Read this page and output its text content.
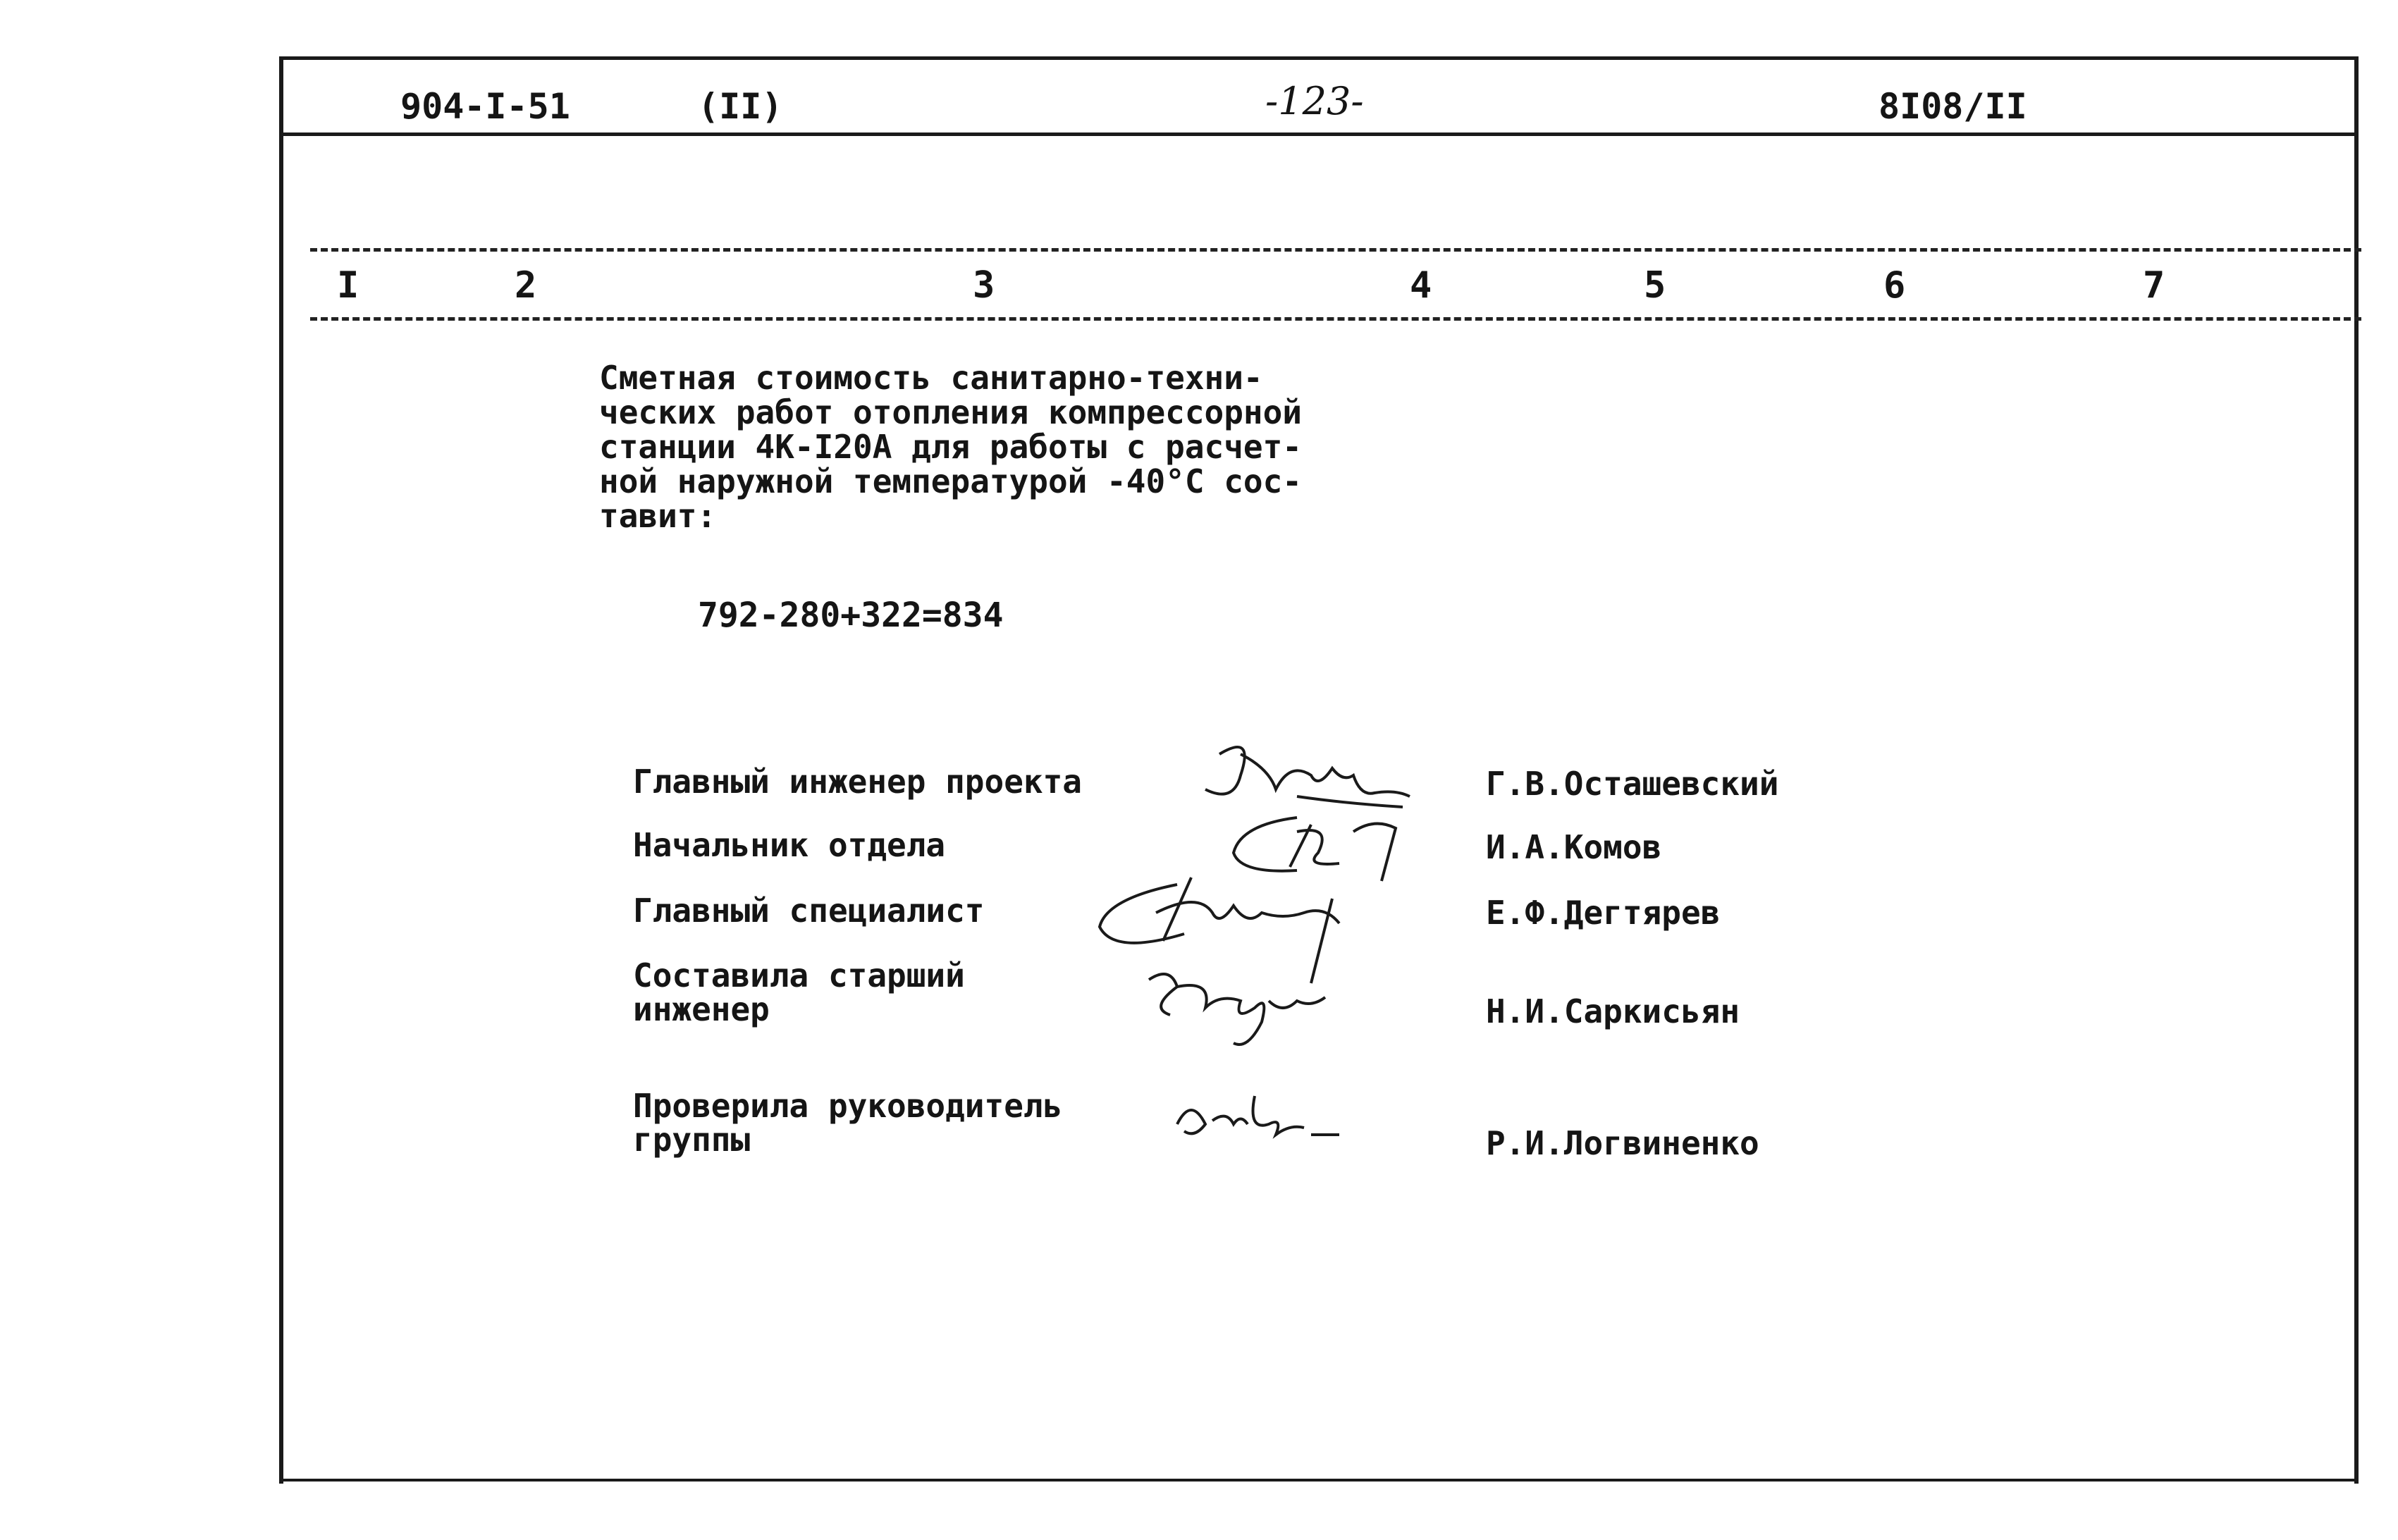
904-I-51	(II)	-123-	8I08/II
I	2	3	4	5	6	7
Сметная стоимость санитарно-техни-
ческих работ отопления компрессорной
станции 4К-I20А для работы с расчет-
ной наружной температурой -40°С сос-
тавит:
792-280+322=834
Главный инженер проекта	Г.В.Осташевский
Начальник отдела	И.А.Комов
Главный специалист	Е.Ф.Дегтярев
Составила старший
инженер	Н.И.Саркисьян
Проверила руководитель
группы	Р.И.Логвиненко
